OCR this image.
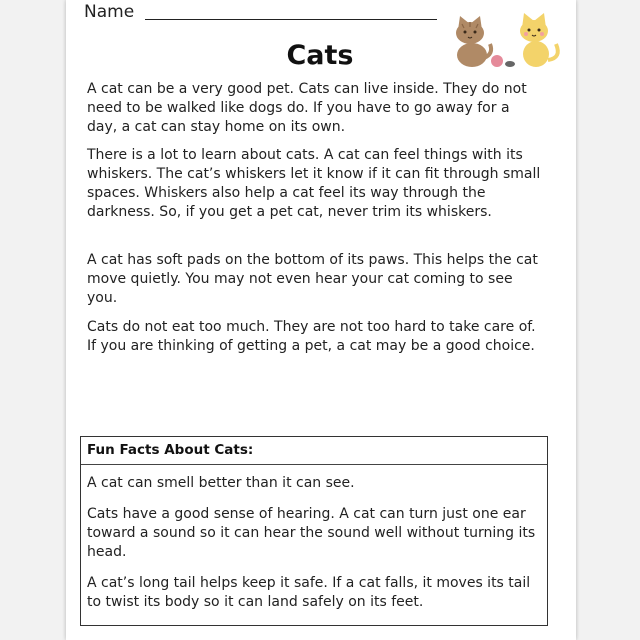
Name
Cats

A cat can be a very good pet. Cats can live inside. They do not need to be walked like dogs do. If you have to go away for a day, a cat can stay home on its own.

There is a lot to learn about cats. A cat can feel things with its whiskers. The cat’s whiskers let it know if it can fit through small spaces. Whiskers also help a cat feel its way through the darkness. So, if you get a pet cat, never trim its whiskers.

A cat has soft pads on the bottom of its paws. This helps the cat move quietly. You may not even hear your cat coming to see you.

Cats do not eat too much. They are not too hard to take care of. If you are thinking of getting a pet, a cat may be a good choice.

Fun Facts About Cats:

A cat can smell better than it can see.

Cats have a good sense of hearing. A cat can turn just one ear toward a sound so it can hear the sound well without turning its head.

A cat’s long tail helps keep it safe. If a cat falls, it moves its tail to twist its body so it can land safely on its feet.
